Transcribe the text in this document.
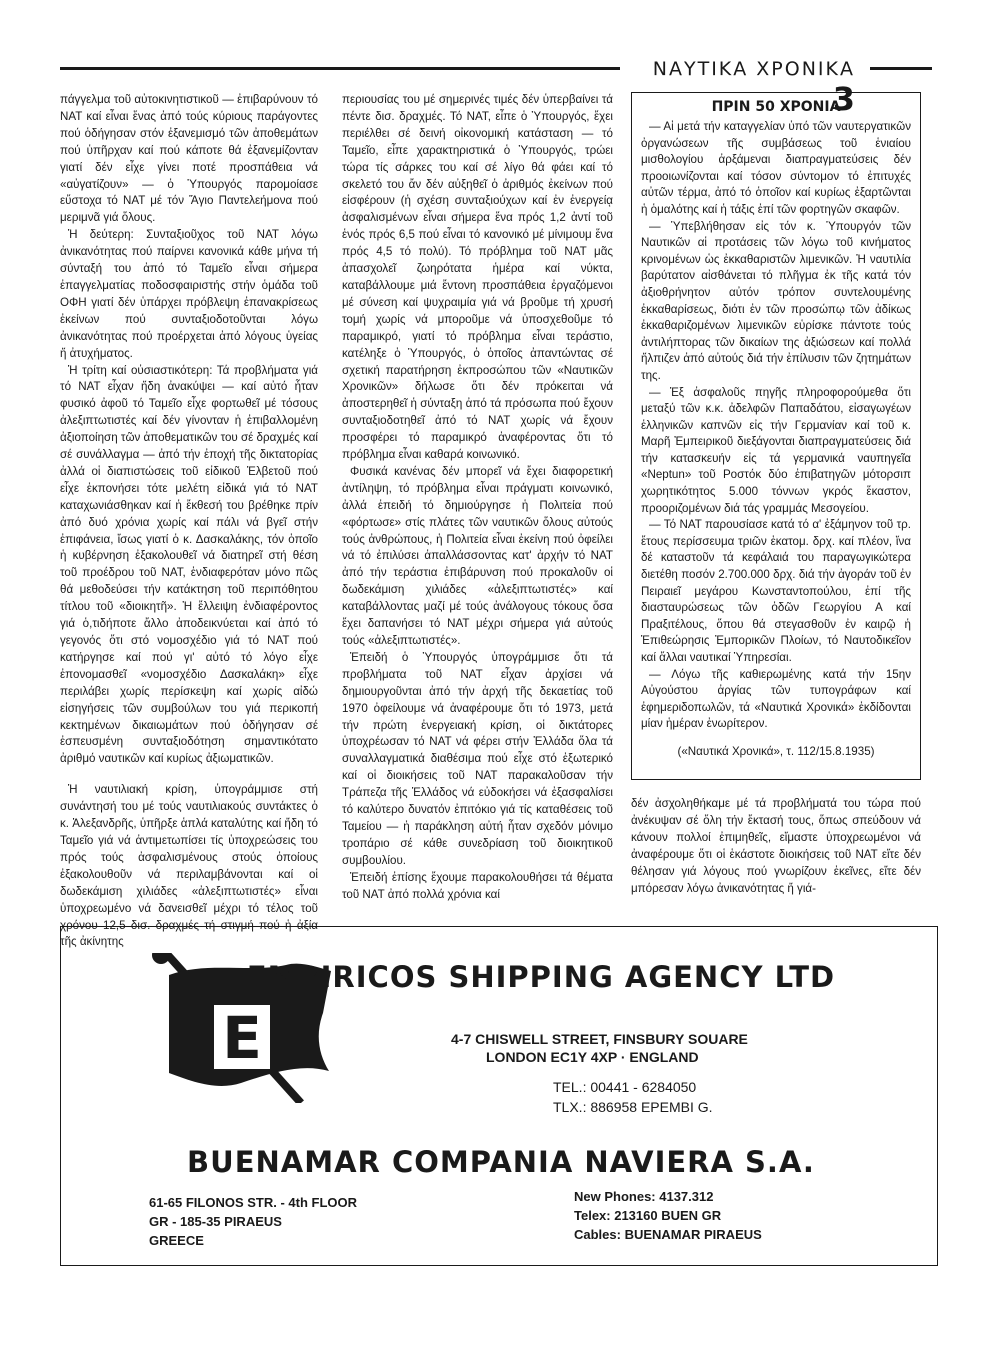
ΝΑΥΤΙΚΑ ΧΡΟΝΙΚΑ 3

πάγγελμα τοῦ αὐτοκινητιστικοῦ — ἐπιβαρύνουν τό ΝΑΤ καί εἶναι ἕνας ἀπό τούς κύριους παράγοντες πού ὁδήγησαν στόν ἐξανεμισμό τῶν ἀποθεμάτων πού ὑπῆρχαν καί πού κάποτε θά ἐξανεμίζονταν γιατί δέν εἶχε γίνει ποτέ προσπάθεια νά «αὐγατίζουν» — ὁ Ὑπουργός παρομοίασε εὔστοχα τό ΝΑΤ μέ τόν Ἅγιο Παντελεήμονα πού μεριμνᾶ γιά ὅλους.

Ἡ δεύτερη: Συνταξιοῦχος τοῦ ΝΑΤ λόγω ἀνικανότητας πού παίρνει κανονικά κάθε μήνα τή σύνταξή του ἀπό τό Ταμεῖο εἶναι σήμερα ἐπαγγελματίας ποδοσφαιριστής στήν ὁμάδα τοῦ ΟΦΗ γιατί δέν ὑπάρχει πρόβλεψη ἐπανακρίσεως ἐκείνων πού συνταξιοδοτοῦνται λόγω ἀνικανότητας πού προέρχεται ἀπό λόγους ὑγείας ἤ ἀτυχήματος.

Ἡ τρίτη καί οὐσιαστικότερη: Τά προβλήματα γιά τό ΝΑΤ εἶχαν ἤδη ἀνακύψει — καί αὐτό ἦταν φυσικό ἀφοῦ τό Ταμεῖο εἶχε φορτωθεῖ μέ τόσους ἀλεξιπτωτιστές καί δέν γίνονταν ἡ ἐπιβαλλομένη ἀξιοποίηση τῶν ἀποθεματικῶν του σέ δραχμές καί σέ συνάλλαγμα — ἀπό τήν ἐποχή τῆς δικτατορίας ἀλλά οἱ διαπιστώσεις τοῦ εἰδικοῦ Ἐλβετοῦ πού εἶχε ἐκπονήσει τότε μελέτη εἰδικά γιά τό ΝΑΤ καταχωνιάσθηκαν καί ἡ ἔκθεσή του βρέθηκε πρίν ἀπό δυό χρόνια χωρίς καί πάλι νά βγεῖ στήν ἐπιφάνεια, ἴσως γιατί ὁ κ. Δασκαλάκης, τόν ὁποῖο ἡ κυβέρνηση ἐξακολουθεῖ νά διατηρεῖ στή θέση τοῦ προέδρου τοῦ ΝΑΤ, ἐνδιαφερόταν μόνο πῶς θά μεθοδεύσει τήν κατάκτηση τοῦ περιπόθητου τίτλου τοῦ «διοικητῆ». Ἡ ἔλλειψη ἐνδιαφέροντος γιά ὁ,τιδήποτε ἄλλο ἀποδεικνύεται καί ἀπό τό γεγονός ὅτι στό νομοσχέδιο γιά τό ΝΑΤ πού κατήργησε καί πού γι' αὐτό τό λόγο εἶχε ἐπονομασθεῖ «νομοσχέδιο Δασκαλάκη» εἶχε περιλάβει χωρίς περίσκεψη καί χωρίς αἰδώ εἰσηγήσεις τῶν συμβούλων του γιά περικοπή κεκτημένων δικαιωμάτων πού ὁδήγησαν σέ ἐσπευσμένη συνταξιοδότηση σημαντικότατο ἀριθμό ναυτικῶν καί κυρίως ἀξιωματικῶν.

Ἡ ναυτιλιακή κρίση, ὑπογράμμισε στή συνάντησή του μέ τούς ναυτιλιακούς συντάκτες ὁ κ. Ἀλεξανδρῆς, ὑπῆρξε ἁπλά καταλύτης καί ἤδη τό Ταμεῖο γιά νά ἀντιμετωπίσει τίς ὑποχρεώσεις του πρός τούς ἀσφαλισμένους στούς ὁποίους ἐξακολουθοῦν νά περιλαμβάνονται καί οἱ δωδεκάμιση χιλιάδες «ἀλεξιπτωτιστές» εἶναι ὑποχρεωμένο νά δανεισθεῖ μέχρι τό τέλος τοῦ χρόνου 12,5 δισ. δραχμές τή στιγμή πού ἡ ἀξία τῆς ἀκίνητης

περιουσίας του μέ σημερινές τιμές δέν ὑπερβαίνει τά πέντε δισ. δραχμές. Τό ΝΑΤ, εἶπε ὁ Ὑπουργός, ἔχει περιέλθει σέ δεινή οἰκονομική κατάσταση — τό Ταμεῖο, εἶπε χαρακτηριστικά ὁ Ὑπουργός, τρώει τώρα τίς σάρκες του καί σέ λίγο θά φάει καί τό σκελετό του ἄν δέν αὐξηθεῖ ὁ ἀριθμός ἐκείνων πού εἰσφέρουν (ἡ σχέση συνταξιούχων καί ἐν ἐνεργείᾳ ἀσφαλισμένων εἶναι σήμερα ἕνα πρός 1,2 ἀντί τοῦ ἑνός πρός 6,5 πού εἶναι τό κανονικό μέ μίνιμουμ ἕνα πρός 4,5 τό πολύ). Τό πρόβλημα τοῦ ΝΑΤ μᾶς ἀπασχολεῖ ζωηρότατα ἡμέρα καί νύκτα, καταβάλλουμε μιά ἔντονη προσπάθεια ἐργαζόμενοι μέ σύνεση καί ψυχραιμία γιά νά βροῦμε τή χρυσή τομή χωρίς νά μποροῦμε νά ὑποσχεθοῦμε τό παραμικρό, γιατί τό πρόβλημα εἶναι τεράστιο, κατέληξε ὁ Ὑπουργός, ὁ ὁποῖος ἀπαντώντας σέ σχετική παρατήρηση ἐκπροσώπου τῶν «Ναυτικῶν Χρονικῶν» δήλωσε ὅτι δέν πρόκειται νά ἀποστερηθεῖ ἡ σύνταξη ἀπό τά πρόσωπα πού ἔχουν συνταξιοδοτηθεῖ ἀπό τό ΝΑΤ χωρίς νά ἔχουν προσφέρει τό παραμικρό ἀναφέροντας ὅτι τό πρόβλημα εἶναι καθαρά κοινωνικό.

Φυσικά κανένας δέν μπορεῖ νά ἔχει διαφορετική ἀντίληψη, τό πρόβλημα εἶναι πράγματι κοινωνικό, ἀλλά ἐπειδή τό δημιούργησε ἡ Πολιτεία πού «φόρτωσε» στίς πλάτες τῶν ναυτικῶν ὅλους αὐτούς τούς ἀνθρώπους, ἡ Πολιτεία εἶναι ἐκείνη πού ὀφείλει νά τό ἐπιλύσει ἀπαλλάσσοντας κατ' ἀρχήν τό ΝΑΤ ἀπό τήν τεράστια ἐπιβάρυνση πού προκαλοῦν οἱ δωδεκάμιση χιλιάδες «ἀλεξιπτωτιστές» καί καταβάλλοντας μαζί μέ τούς ἀνάλογους τόκους ὅσα ἔχει δαπανήσει τό ΝΑΤ μέχρι σήμερα γιά αὐτούς τούς «ἀλεξιπτωτιστές».

Ἐπειδή ὁ Ὑπουργός ὑπογράμμισε ὅτι τά προβλήματα τοῦ ΝΑΤ εἶχαν ἀρχίσει νά δημιουργοῦνται ἀπό τήν ἀρχή τῆς δεκαετίας τοῦ 1970 ὀφείλουμε νά ἀναφέρουμε ὅτι τό 1973, μετά τήν πρώτη ἐνεργειακή κρίση, οἱ δικτάτορες ὑποχρέωσαν τό ΝΑΤ νά φέρει στήν Ἑλλάδα ὅλα τά συναλλαγματικά διαθέσιμα πού εἶχε στό ἐξωτερικό καί οἱ διοικήσεις τοῦ ΝΑΤ παρακαλοῦσαν τήν Τράπεζα τῆς Ἑλλάδος νά εὐδοκήσει νά ἐξασφαλίσει τό καλύτερο δυνατόν ἐπιτόκιο γιά τίς καταθέσεις τοῦ Ταμείου — ἡ παράκληση αὐτή ἦταν σχεδόν μόνιμο τροπάριο σέ κάθε συνεδρίαση τοῦ διοικητικοῦ συμβουλίου.

Ἐπειδή ἐπίσης ἔχουμε παρακολουθήσει τά θέματα τοῦ ΝΑΤ ἀπό πολλά χρόνια καί

ΠΡΙΝ 50 ΧΡΟΝΙΑ

— Αἱ μετά τήν καταγγελίαν ὑπό τῶν ναυτεργατικῶν ὀργανώσεων τῆς συμβάσεως τοῦ ἑνιαίου μισθολογίου ἀρξάμεναι διαπραγματεύσεις δέν προοιωνίζονται καί τόσον σύντομον τό ἐπιτυχές αὐτῶν τέρμα, ἀπό τό ὁποῖον καί κυρίως ἐξαρτῶνται ἡ ὁμαλότης καί ἡ τάξις ἐπί τῶν φορτηγῶν σκαφῶν.

— Ὑπεβλήθησαν εἰς τόν κ. Ὑπουργόν τῶν Ναυτικῶν αἱ προτάσεις τῶν λόγω τοῦ κινήματος κρινομένων ὡς ἐκκαθαριστῶν λιμενικῶν. Ἡ ναυτιλία βαρύτατον αἰσθάνεται τό πλῆγμα ἐκ τῆς κατά τόν ἀξιοθρήνητον αὐτόν τρόπον συντελουμένης ἐκκαθαρίσεως, διότι ἐν τῶν προσώπῳ τῶν ἀδίκως ἐκκαθαριζομένων λιμενικῶν εὑρίσκε πάντοτε τούς ἀντιλήπτορας τῶν δικαίων της ἀξιώσεων καί πολλά ἤλπιζεν ἀπό αὐτούς διά τήν ἐπίλυσιν τῶν ζητημάτων της.

— Ἐξ ἀσφαλοῦς πηγῆς πληροφορούμεθα ὅτι μεταξύ τῶν κ.κ. ἀδελφῶν Παπαδάτου, εἰσαγωγέων ἑλληνικῶν καπνῶν εἰς τήν Γερμανίαν καί τοῦ κ. Μαρῆ Ἐμπειρικοῦ διεξάγονται διαπραγματεύσεις διά τήν κατασκευήν εἰς τά γερμανικά ναυπηγεῖα «Neptun» τοῦ Ροστόκ δύο ἐπιβατηγῶν μότορσιπ χωρητικότητος 5.000 τόννων γκρός ἕκαστον, προοριζομένων διά τάς γραμμάς Μεσογείου.

— Τό ΝΑΤ παρουσίασε κατά τό α' ἑξάμηνον τοῦ τρ. ἔτους περίσσευμα τριῶν ἑκατομ. δρχ. καί πλέον, ἵνα δέ καταστοῦν τά κεφάλαιά του παραγωγικώτερα διετέθη ποσόν 2.700.000 δρχ. διά τήν ἀγοράν τοῦ ἐν Πειραιεῖ μεγάρου Κωνσταντοπούλου, ἐπί τῆς διασταυρώσεως τῶν ὁδῶν Γεωργίου Α καί Πραξιτέλους, ὅπου θά στεγασθοῦν ἐν καιρῷ ἡ Ἐπιθεώρησις Ἐμπορικῶν Πλοίων, τό Ναυτοδικεῖον καί ἄλλαι ναυτικαί Ὑπηρεσίαι.

— Λόγω τῆς καθιερωμένης κατά τήν 15ην Αὐγούστου ἀργίας τῶν τυπογράφων καί ἐφημεριδοπωλῶν, τά «Ναυτικά Χρονικά» ἐκδίδονται μίαν ἡμέραν ἐνωρίτερον.

(«Ναυτικά Χρονικά», τ. 112/15.8.1935)

δέν ἀσχοληθήκαμε μέ τά προβλήματά του τώρα πού ἀνέκυψαν σέ ὅλη τήν ἔκτασή τους, ὅπως σπεύδουν νά κάνουν πολλοί ἐπιμηθεῖς, εἴμαστε ὑποχρεωμένοι νά ἀναφέρουμε ὅτι οἱ ἑκάστοτε διοικήσεις τοῦ ΝΑΤ εἴτε δέν θέλησαν γιά λόγους πού γνωρίζουν ἐκεῖνες, εἴτε δέν μπόρεσαν λόγω ἀνικανότητας ἤ γιά-

E
EMBIRICOS SHIPPING AGENCY LTD
4-7 CHISWELL STREET, FINSBURY SOUARE
LONDON EC1Y 4XP · ENGLAND
TEL.: 00441 - 6284050
TLX.: 886958 EPEMBI G.
BUENAMAR COMPANIA NAVIERA S.A.
61-65 FILONOS STR. - 4th FLOOR
GR - 185-35 PIRAEUS
GREECE
New Phones: 4137.312
Telex: 213160 BUEN GR
Cables: BUENAMAR PIRAEUS
